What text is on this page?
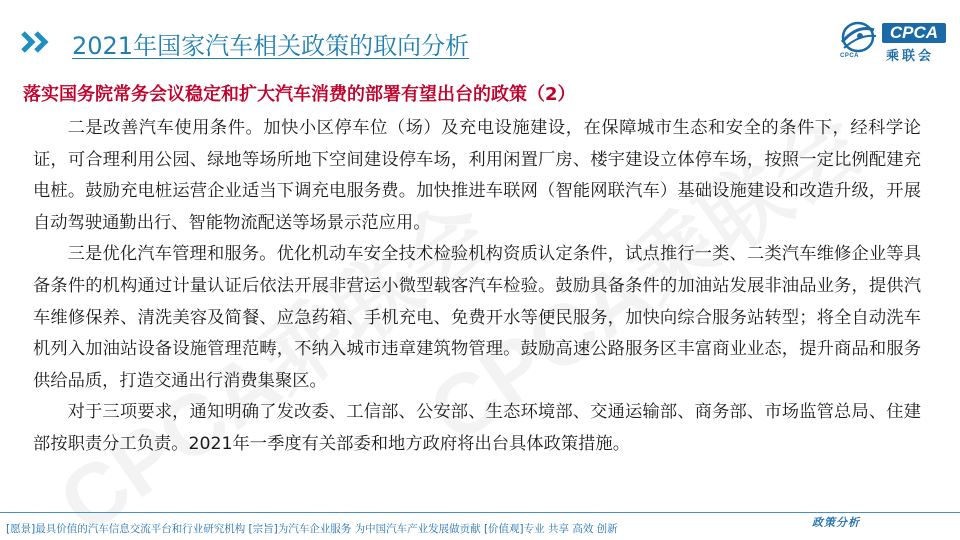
2021年国家汽车相关政策的取向分析	CPCA
CPCA
乘联会
落实国务院常务会议稳定和扩大汽车消费的部署有望出台的政策（2）

二是改善汽车使用条件。加快小区停车位（场）及充电设施建设，在保障城市生态和安全的条件下，经科学论证，可合理利用公园、绿地等场所地下空间建设停车场，利用闲置厂房、楼宇建设立体停车场，按照一定比例配建充电桩。鼓励充电桩运营企业适当下调充电服务费。加快推进车联网（智能网联汽车）基础设施建设和改造升级，开展自动驾驶通勤出行、智能物流配送等场景示范应用。

三是优化汽车管理和服务。优化机动车安全技术检验机构资质认定条件，试点推行一类、二类汽车维修企业等具备条件的机构通过计量认证后依法开展非营运小微型载客汽车检验。鼓励具备条件的加油站发展非油品业务，提供汽车维修保养、清洗美容及简餐、应急药箱、手机充电、免费开水等便民服务，加快向综合服务站转型；将全自动洗车机列入加油站设备设施管理范畴，不纳入城市违章建筑物管理。鼓励高速公路服务区丰富商业业态，提升商品和服务供给品质，打造交通出行消费集聚区。

对于三项要求，通知明确了发改委、工信部、公安部、生态环境部、交通运输部、商务部、市场监管总局、住建部按职责分工负责。2021年一季度有关部委和地方政府将出台具体政策措施。

[愿景]最具价值的汽车信息交流平台和行业研究机构 [宗旨]为汽车企业服务 为中国汽车产业发展做贡献 [价值观]专业 共享 高效 创新	政策分析
